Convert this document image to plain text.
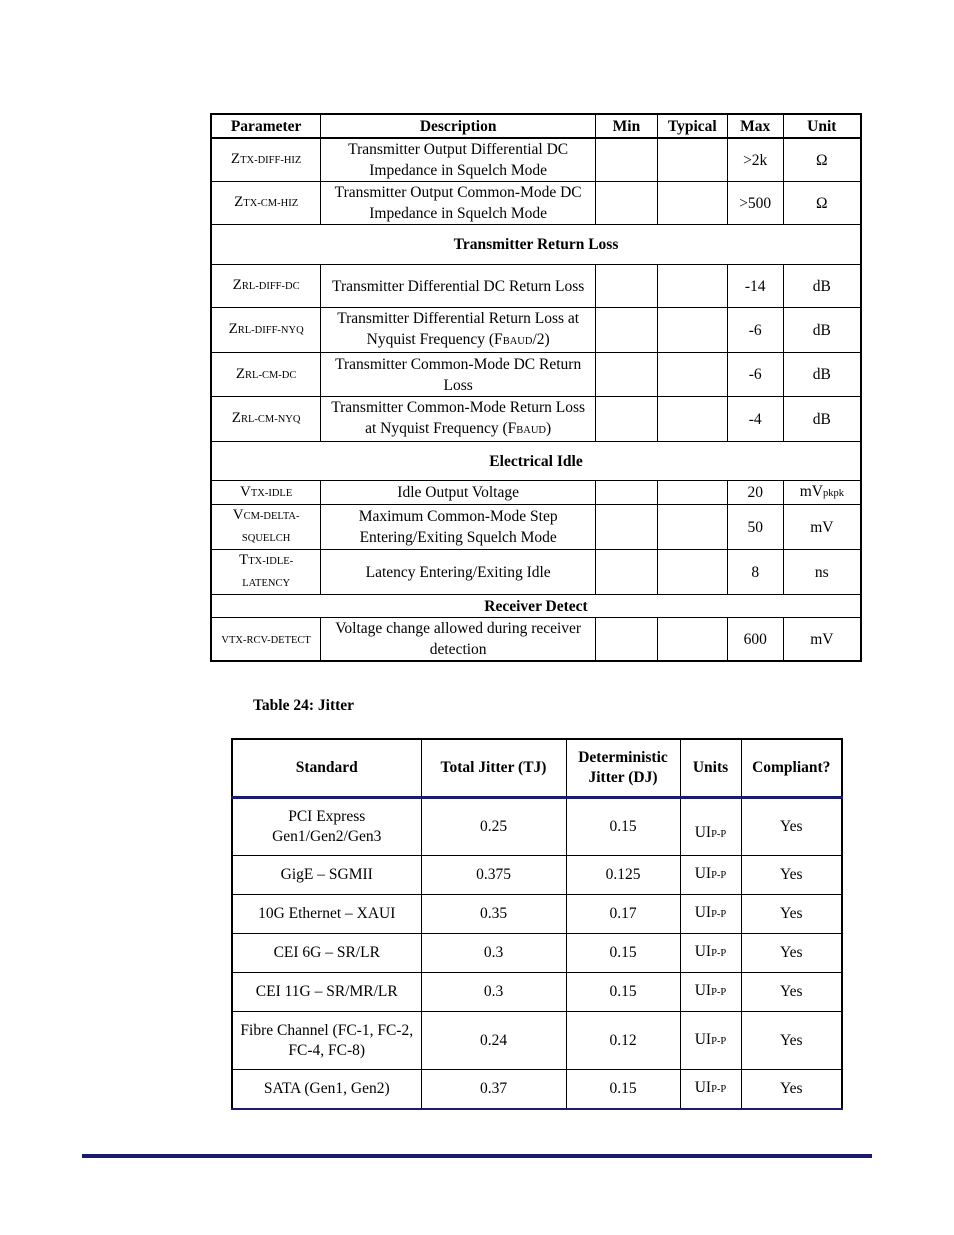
Parameter	Description	Min	Typical	Max	Unit
ZTX-DIFF-HIZ	Transmitter Output Differential DC Impedance in Squelch Mode			>2k	Ω
ZTX-CM-HIZ	Transmitter Output Common-Mode DC Impedance in Squelch Mode			>500	Ω
Transmitter Return Loss					
ZRL-DIFF-DC	Transmitter Differential DC Return Loss			-14	dB
ZRL-DIFF-NYQ	Transmitter Differential Return Loss at Nyquist Frequency (FBAUD/2)			-6	dB
ZRL-CM-DC	Transmitter Common-Mode DC Return Loss			-6	dB
ZRL-CM-NYQ	Transmitter Common-Mode Return Loss at Nyquist Frequency (FBAUD)			-4	dB
Electrical Idle					
VTX-IDLE	Idle Output Voltage			20	mVpkpk
VCM-DELTA-SQUELCH	Maximum Common-Mode Step Entering/Exiting Squelch Mode			50	mV
TTX-IDLE-LATENCY	Latency Entering/Exiting Idle			8	ns
Receiver Detect					
VTX-RCV-DETECT	Voltage change allowed during receiver detection			600	mV
Table 24: Jitter
Standard	Total Jitter (TJ)	Deterministic Jitter (DJ)	Units	Compliant?
PCI Express Gen1/Gen2/Gen3	0.25	0.15	UIP-P	Yes
GigE – SGMII	0.375	0.125	UIP-P	Yes
10G Ethernet – XAUI	0.35	0.17	UIP-P	Yes
CEI 6G – SR/LR	0.3	0.15	UIP-P	Yes
CEI 11G – SR/MR/LR	0.3	0.15	UIP-P	Yes
Fibre Channel (FC-1, FC-2, FC-4, FC-8)	0.24	0.12	UIP-P	Yes
SATA (Gen1, Gen2)	0.37	0.15	UIP-P	Yes
